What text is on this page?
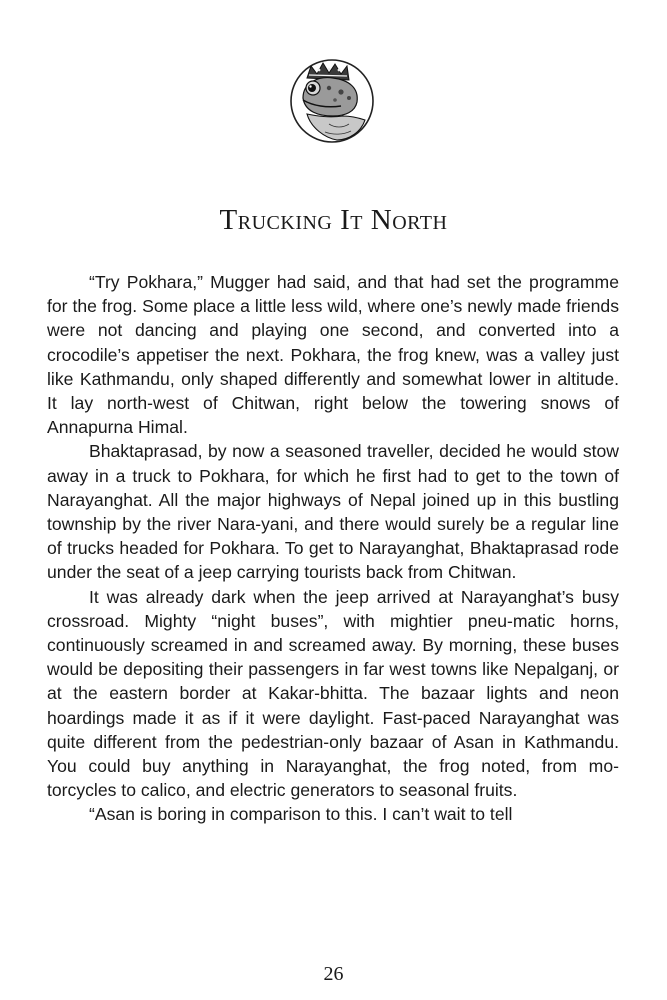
Trucking It North

“Try Pokhara,” Mugger had said, and that had set the programme for the frog. Some place a little less wild, where one’s newly made friends were not dancing and playing one second, and converted into a crocodile’s appetiser the next. Pokhara, the frog knew, was a valley just like Kathmandu, only shaped differently and somewhat lower in altitude. It lay north-west of Chitwan, right below the towering snows of Annapurna Himal.

Bhaktaprasad, by now a seasoned traveller, decided he would stow away in a truck to Pokhara, for which he first had to get to the town of Narayanghat. All the major highways of Nepal joined up in this bustling township by the river Nara-yani, and there would surely be a regular line of trucks headed for Pokhara. To get to Narayanghat, Bhaktaprasad rode under the seat of a jeep carrying tourists back from Chitwan.

It was already dark when the jeep arrived at Narayanghat’s busy crossroad. Mighty “night buses”, with mightier pneu-matic horns, continuously screamed in and screamed away. By morning, these buses would be depositing their passengers in far west towns like Nepalganj, or at the eastern border at Kakar-bhitta. The bazaar lights and neon hoardings made it as if it were daylight. Fast-paced Narayanghat was quite different from the pedestrian-only bazaar of Asan in Kathmandu. You could buy anything in Narayanghat, the frog noted, from mo-torcycles to calico, and electric generators to seasonal fruits.

“Asan is boring in comparison to this. I can’t wait to tell

26
